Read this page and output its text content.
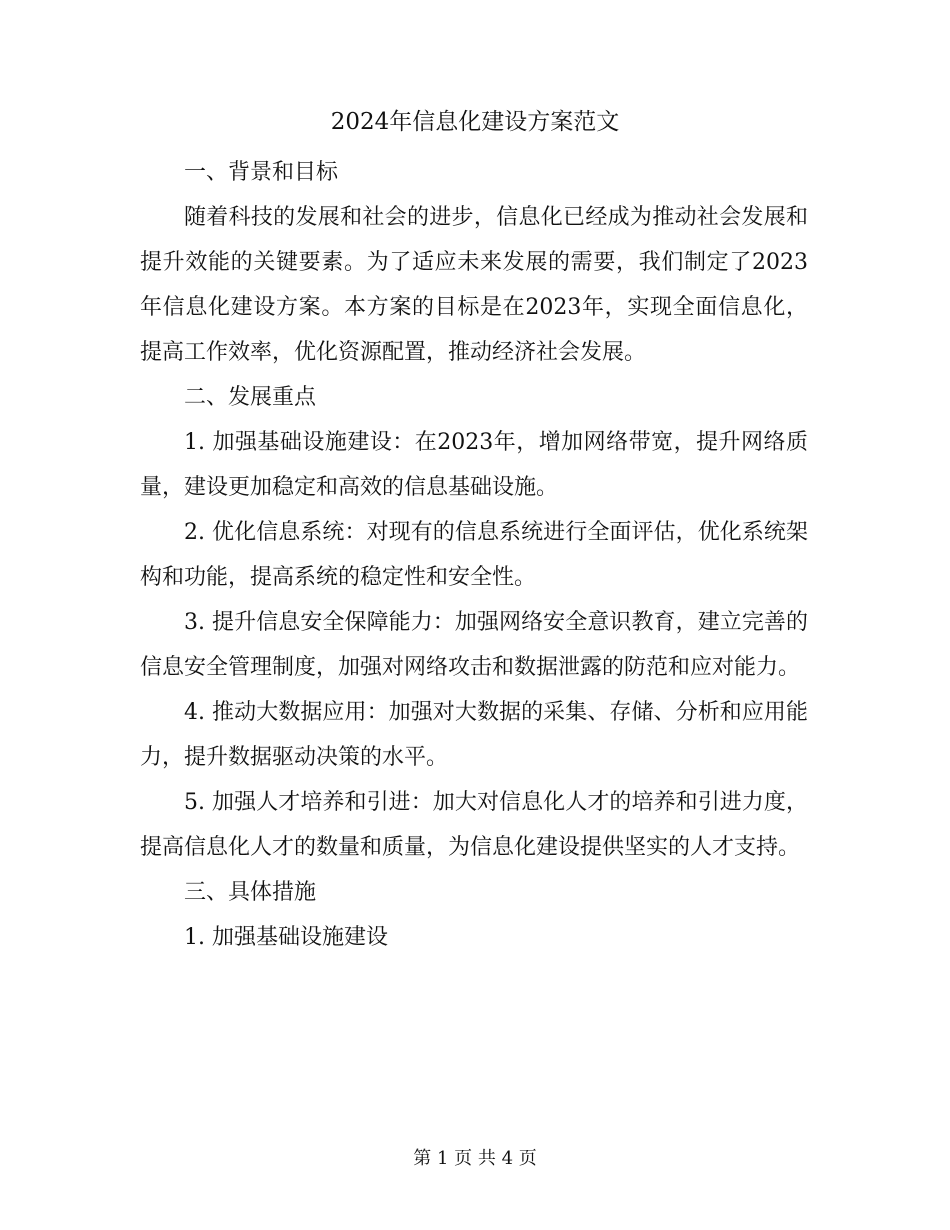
2024年信息化建设方案范文

一、背景和目标

随着科技的发展和社会的进步，信息化已经成为推动社会发展和提升效能的关键要素。为了适应未来发展的需要，我们制定了2023年信息化建设方案。本方案的目标是在2023年，实现全面信息化，提高工作效率，优化资源配置，推动经济社会发展。

二、发展重点

1. 加强基础设施建设：在2023年，增加网络带宽，提升网络质量，建设更加稳定和高效的信息基础设施。

2. 优化信息系统：对现有的信息系统进行全面评估，优化系统架构和功能，提高系统的稳定性和安全性。

3. 提升信息安全保障能力：加强网络安全意识教育，建立完善的信息安全管理制度，加强对网络攻击和数据泄露的防范和应对能力。

4. 推动大数据应用：加强对大数据的采集、存储、分析和应用能力，提升数据驱动决策的水平。

5. 加强人才培养和引进：加大对信息化人才的培养和引进力度，提高信息化人才的数量和质量，为信息化建设提供坚实的人才支持。

三、具体措施

1. 加强基础设施建设

第 1 页 共 4 页
